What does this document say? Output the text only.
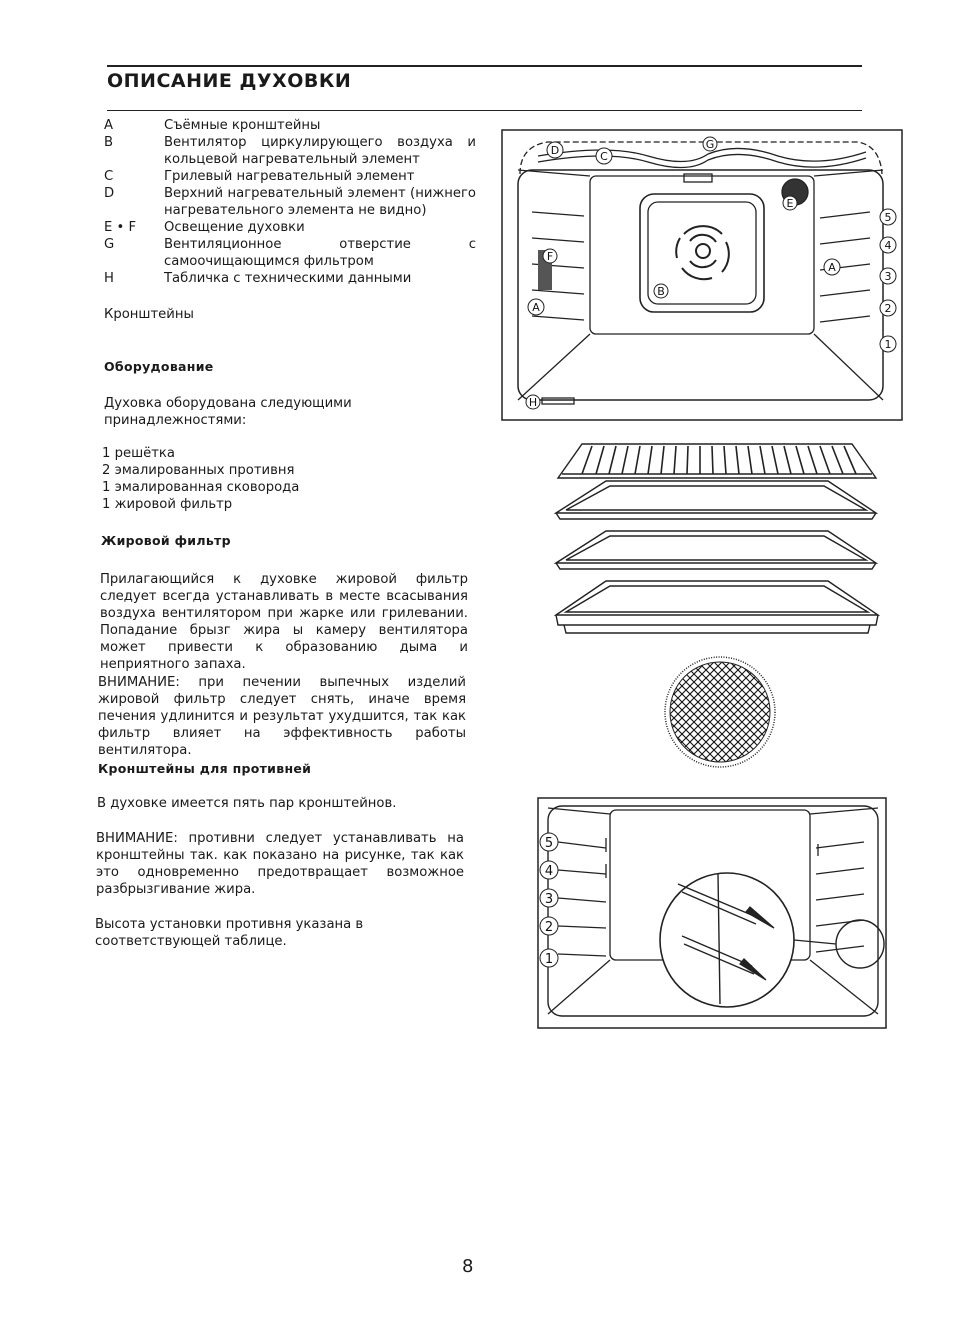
ОПИСАНИЕ ДУХОВКИ
A	Съёмные кронштейны
B	Вентилятор циркулирующего воздуха и кольцевой нагревательный элемент
C	Грилевый нагревательный элемент
D	Верхний нагревательный элемент (нижнего нагревательного элемента не видно)
E • F	Освещение духовки
G	Вентиляционное отверстие с самоочищающимся фильтром
H	Табличка с техническими данными
Кронштейны
Оборудование
Духовка оборудована следующими принадлежностями:
1 решётка
2 эмалированных противня
1 эмалированная сковорода
1 жировой фильтр
Жировой фильтр
Прилагающийся к духовке жировой фильтр следует всегда устанавливать в месте всасывания воздуха вентилятором при жарке или грилевании. Попадание брызг жира ы камеру вентилятора может привести к образованию дыма и неприятного запаха.
ВНИМАНИЕ: при печении выпечных изделий жировой фильтр следует снять, иначе время печения удлинится и результат ухудшится, так как фильтр влияет на эффективность работы вентилятора.
Кронштейны для противней
В духовке имеется пять пар кронштейнов.
ВНИМАНИЕ: противни следует устанавливать на кронштейны так. как показано на рисунке, так как это одновременно предотвращает возможное разбрызгивание жира.
Высота установки противня указана в соответствующей таблице.
D	C
G
E
F
A
B
A
H
5
4
3
2
1
5
4
3
2
1
8
